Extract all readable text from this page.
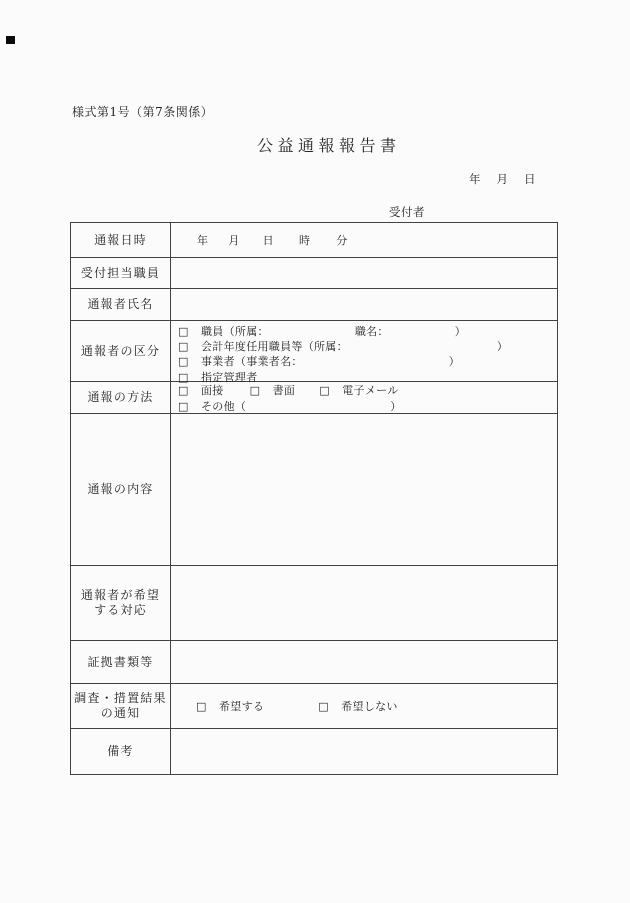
様式第1号（第7条関係）
公益通報報告書
年 月 日
受付者
通報日時	年 月 日 時 分
受付担当職員
通報者氏名
通報者の区分
□ 職員（所属：	職名：	）
□ 会計年度任用職員等（所属：	）
□ 事業者（事業者名：	）
□ 指定管理者
通報の方法	□ 面接 □ 書面 □ 電子メール
□ その他（	）
通報の内容
通報者が希望
する対応
証拠書類等
調査・措置結果
の通知	□ 希望する	□ 希望しない
備考
